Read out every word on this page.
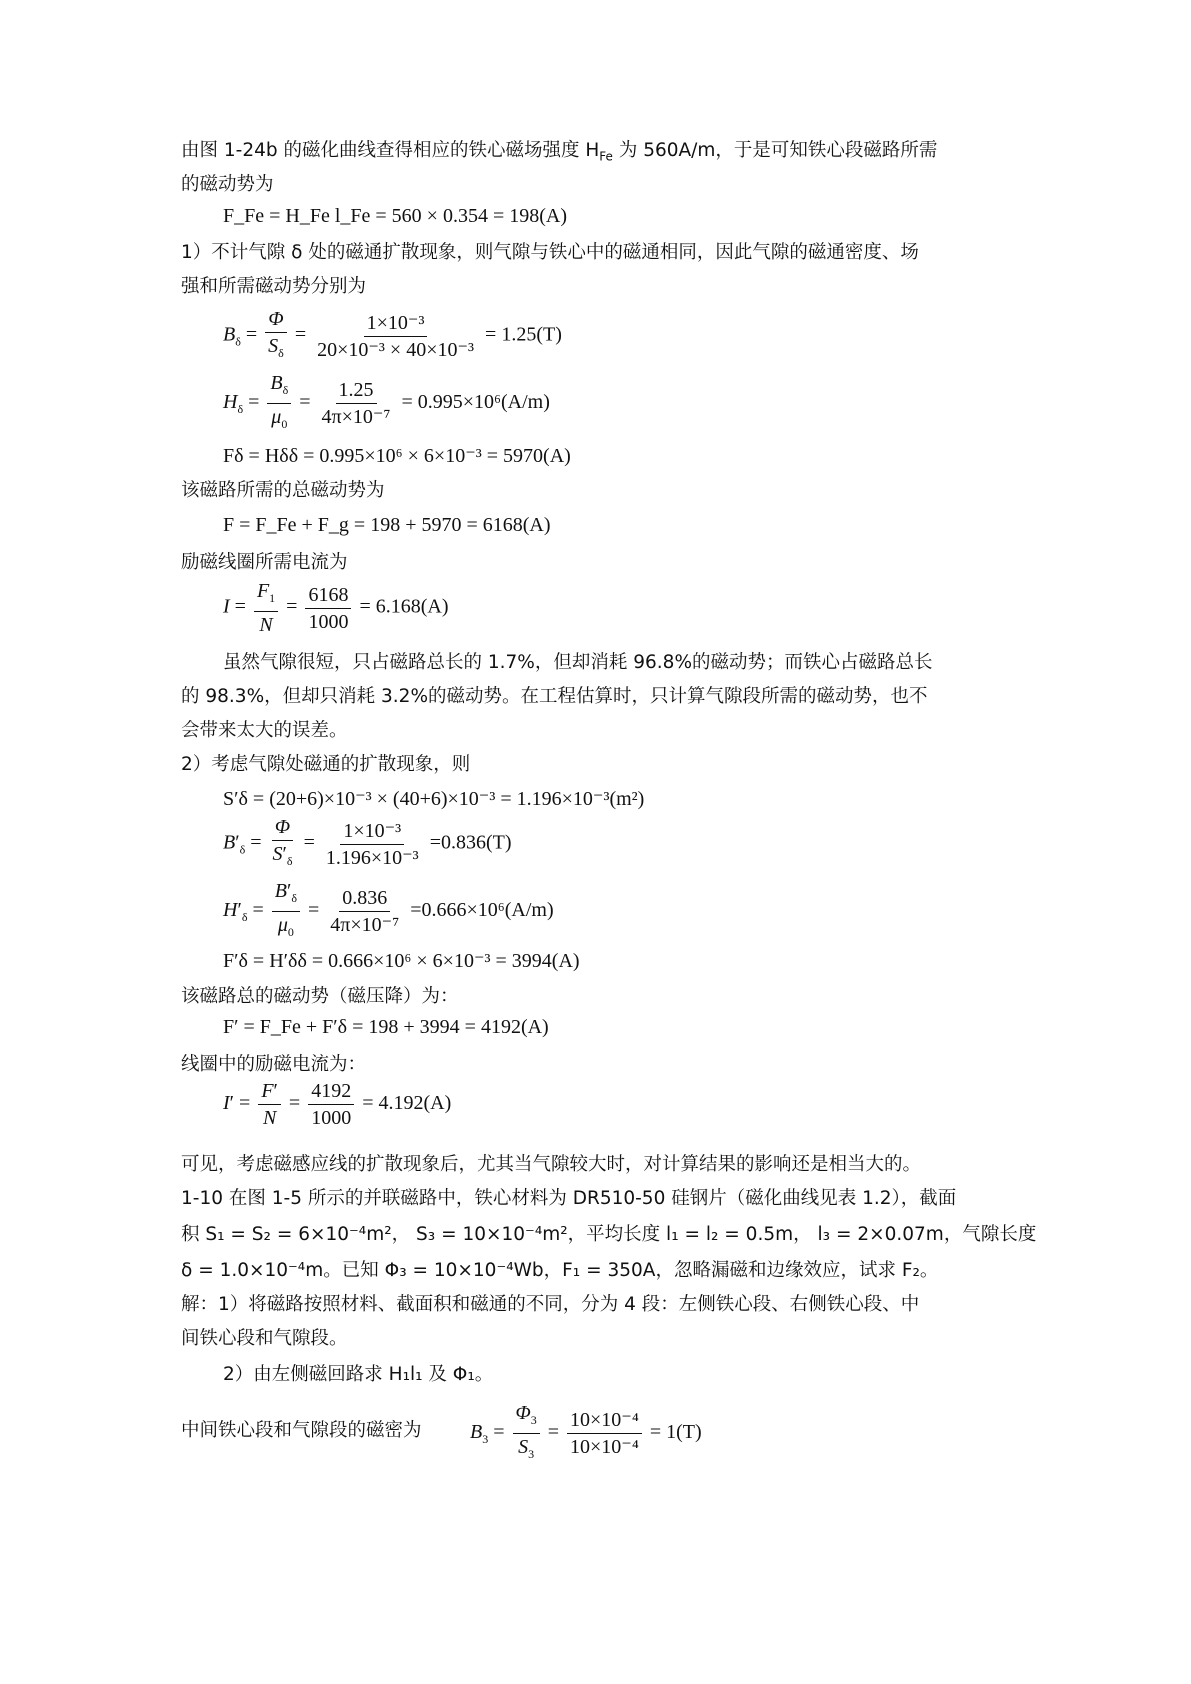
由图 1-24b 的磁化曲线查得相应的铁心磁场强度 $H_{Fe}$ 为 560A/m，于是可知铁心段磁路所需
的磁动势为
F_Fe = H_Fe l_Fe = 560 × 0.354 = 198(A)
1）不计气隙 δ 处的磁通扩散现象，则气隙与铁心中的磁通相同，因此气隙的磁通密度、场
强和所需磁动势分别为
$B_\delta = \frac{\Phi}{S_\delta} = \frac{\text{1×10⁻³}}{\text{20×10⁻³ × 40×10⁻³}} = 1.25(T)$
$H_\delta = \frac{B_\delta}{\mu_0} = \frac{1.25}{\text{4π×10⁻⁷}} = 0.995\times 10^6(A/m)$
Fδ = Hδδ = 0.995×10⁶ × 6×10⁻³ = 5970(A)
该磁路所需的总磁动势为
F = F_Fe + F_g = 198 + 5970 = 6168(A)
励磁线圈所需电流为
$I = \frac{F_1}{N} = \frac{6168}{1000} = 6.168(A)$
虽然气隙很短，只占磁路总长的 1.7%，但却消耗 96.8%的磁动势；而铁心占磁路总长
的 98.3%，但却只消耗 3.2%的磁动势。在工程估算时，只计算气隙段所需的磁动势，也不
会带来太大的误差。
2）考虑气隙处磁通的扩散现象，则
S′δ = (20+6)×10⁻³ × (40+6)×10⁻³ = 1.196×10⁻³(m²)
$B'_\delta = \frac{\Phi}{S'_\delta} = \frac{\text{1×10⁻³}}{\text{1.196×10⁻³}} =0.836(T)$
$H'_\delta = \frac{B'_\delta}{\mu_0} = \frac{0.836}{\text{4π×10⁻⁷}} =0.666\times 10^6(A/m)$
F′δ = H′δδ = 0.666×10⁶ × 6×10⁻³ = 3994(A)
该磁路总的磁动势（磁压降）为：
F′ = F_Fe + F′δ = 198 + 3994 = 4192(A)
线圈中的励磁电流为：
$I' = \frac{F'}{N} = \frac{4192}{1000} = 4.192(A)$
可见，考虑磁感应线的扩散现象后，尤其当气隙较大时，对计算结果的影响还是相当大的。
1-10 在图 1-5 所示的并联磁路中，铁心材料为 DR510-50 硅钢片（磁化曲线见表 1.2），截面
积 S₁ = S₂ = 6×10⁻⁴m²， S₃ = 10×10⁻⁴m²，平均长度 l₁ = l₂ = 0.5m， l₃ = 2×0.07m，气隙长度
δ = 1.0×10⁻⁴m。已知 Φ₃ = 10×10⁻⁴Wb，F₁ = 350A，忽略漏磁和边缘效应，试求 F₂。
解：1）将磁路按照材料、截面积和磁通的不同，分为 4 段：左侧铁心段、右侧铁心段、中
间铁心段和气隙段。
2）由左侧磁回路求 H₁l₁ 及 Φ₁。
中间铁心段和气隙段的磁密为	$B_3 = \frac{\Phi_3}{S_3} = \frac{\text{10×10⁻⁴}}{\text{10×10⁻⁴}} = 1(T)$
